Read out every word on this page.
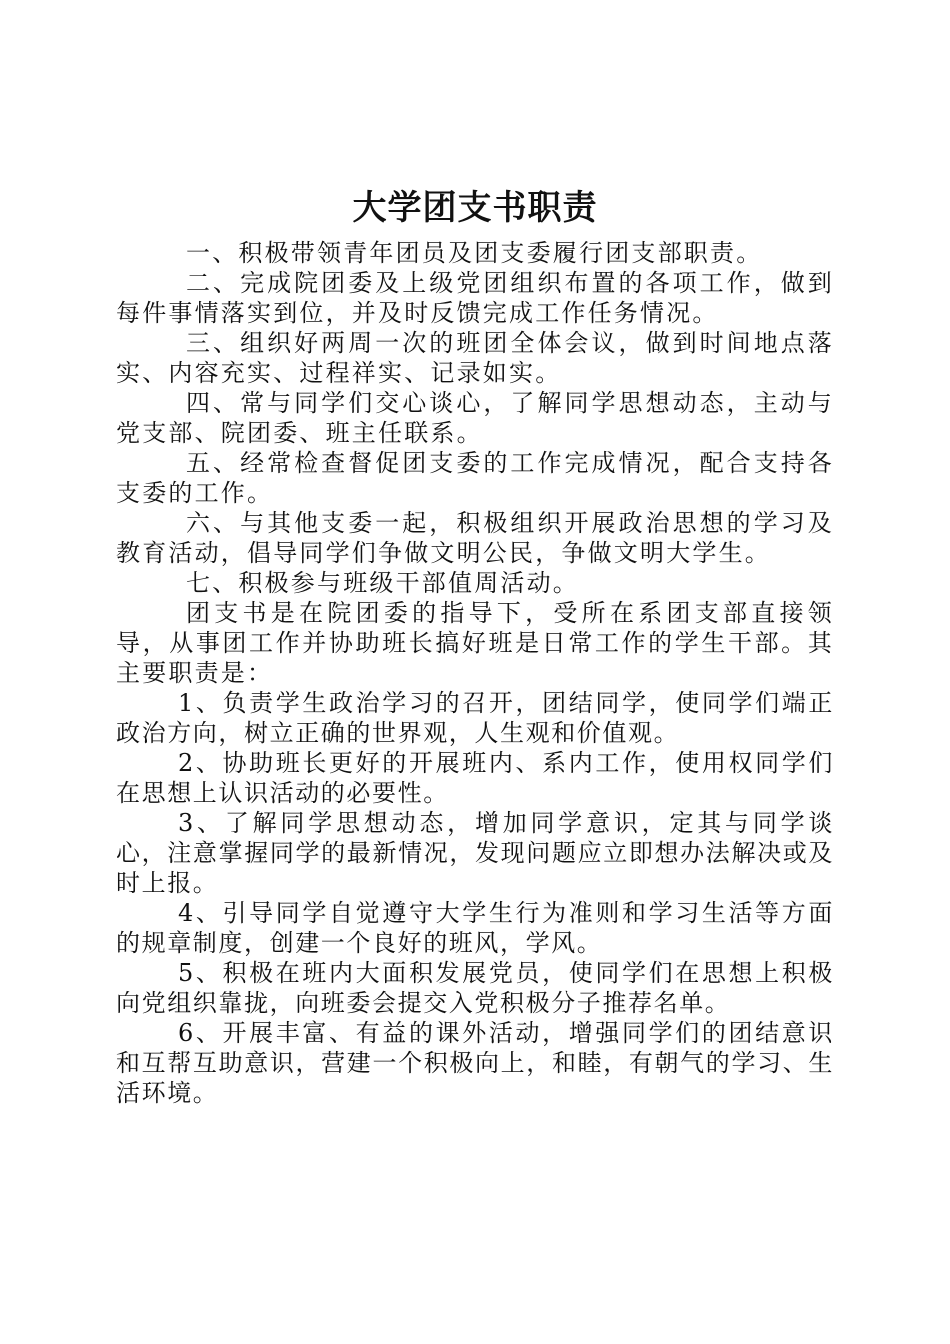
大学团支书职责

一、积极带领青年团员及团支委履行团支部职责。

二、完成院团委及上级党团组织布置的各项工作，做到每件事情落实到位，并及时反馈完成工作任务情况。

三、组织好两周一次的班团全体会议，做到时间地点落实、内容充实、过程祥实、记录如实。

四、常与同学们交心谈心，了解同学思想动态，主动与党支部、院团委、班主任联系。

五、经常检查督促团支委的工作完成情况，配合支持各支委的工作。

六、与其他支委一起，积极组织开展政治思想的学习及教育活动，倡导同学们争做文明公民，争做文明大学生。

七、积极参与班级干部值周活动。

团支书是在院团委的指导下，受所在系团支部直接领导，从事团工作并协助班长搞好班是日常工作的学生干部。其主要职责是：

1、负责学生政治学习的召开，团结同学，使同学们端正政治方向，树立正确的世界观，人生观和价值观。

2、协助班长更好的开展班内、系内工作，使用权同学们在思想上认识活动的必要性。

3、了解同学思想动态，增加同学意识，定其与同学谈心，注意掌握同学的最新情况，发现问题应立即想办法解决或及时上报。

4、引导同学自觉遵守大学生行为准则和学习生活等方面的规章制度，创建一个良好的班风，学风。

5、积极在班内大面积发展党员，使同学们在思想上积极向党组织靠拢，向班委会提交入党积极分子推荐名单。

6、开展丰富、有益的课外活动，增强同学们的团结意识和互帮互助意识，营建一个积极向上，和睦，有朝气的学习、生活环境。
